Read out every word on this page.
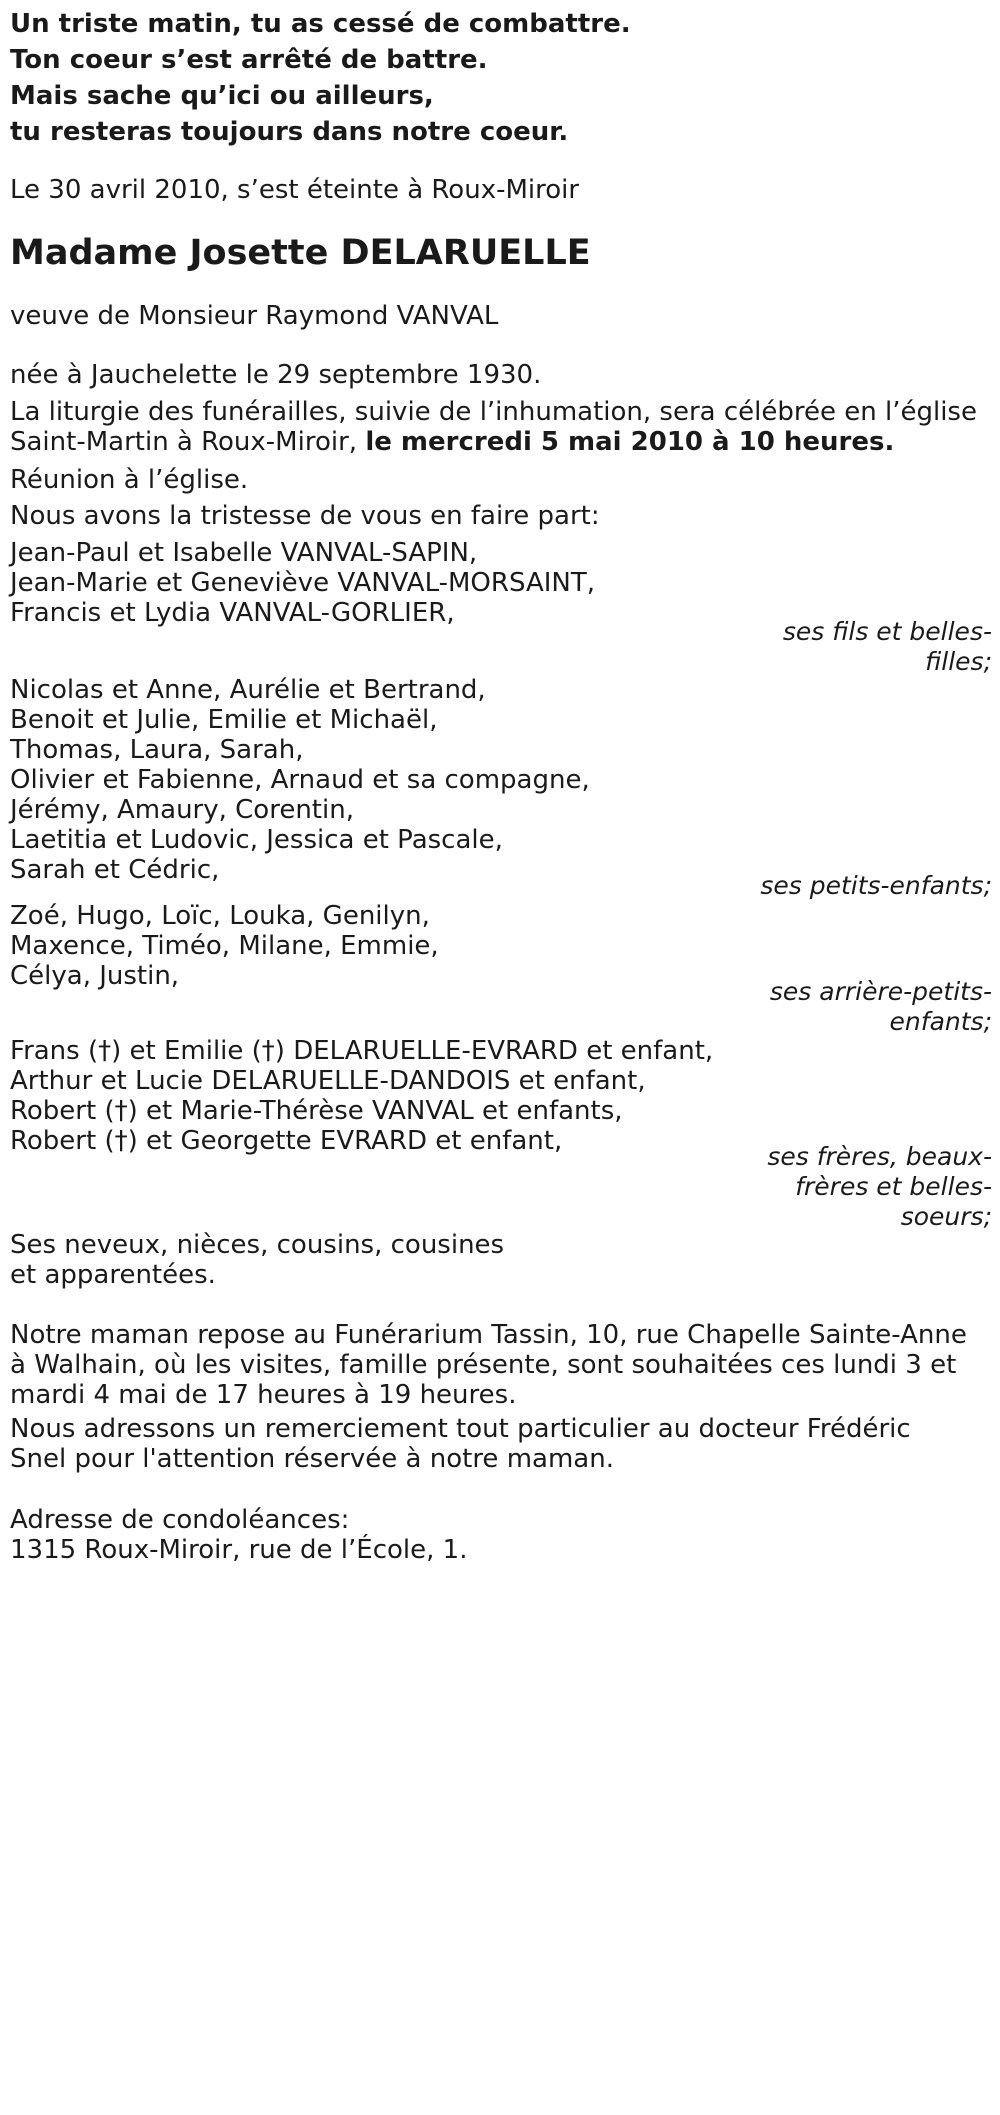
Un triste matin, tu as cessé de combattre.
Ton coeur s’est arrêté de battre.
Mais sache qu’ici ou ailleurs,
tu resteras toujours dans notre coeur.
Le 30 avril 2010, s’est éteinte à Roux-Miroir
Madame Josette DELARUELLE
veuve de Monsieur Raymond VANVAL
née à Jauchelette le 29 septembre 1930.
La liturgie des funérailles, suivie de l’inhumation, sera célébrée en l’église
Saint-Martin à Roux-Miroir, le mercredi 5 mai 2010 à 10 heures.
Réunion à l’église.
Nous avons la tristesse de vous en faire part:
Jean-Paul et Isabelle VANVAL-SAPIN,
Jean-Marie et Geneviève VANVAL-MORSAINT,
Francis et Lydia VANVAL-GORLIER,
ses fils et belles-
filles;
Nicolas et Anne, Aurélie et Bertrand,
Benoit et Julie, Emilie et Michaël,
Thomas, Laura, Sarah,
Olivier et Fabienne, Arnaud et sa compagne,
Jérémy, Amaury, Corentin,
Laetitia et Ludovic, Jessica et Pascale,
Sarah et Cédric,
ses petits-enfants;
Zoé, Hugo, Loïc, Louka, Genilyn,
Maxence, Timéo, Milane, Emmie,
Célya, Justin,
ses arrière-petits-
enfants;
Frans (†) et Emilie (†) DELARUELLE-EVRARD et enfant,
Arthur et Lucie DELARUELLE-DANDOIS et enfant,
Robert (†) et Marie-Thérèse VANVAL et enfants,
Robert (†) et Georgette EVRARD et enfant,
ses frères, beaux-
frères et belles-
soeurs;
Ses neveux, nièces, cousins, cousines
et apparentées.
Notre maman repose au Funérarium Tassin, 10, rue Chapelle Sainte-Anne
à Walhain, où les visites, famille présente, sont souhaitées ces lundi 3 et
mardi 4 mai de 17 heures à 19 heures.
Nous adressons un remerciement tout particulier au docteur Frédéric
Snel pour l'attention réservée à notre maman.
Adresse de condoléances:
1315 Roux-Miroir, rue de l’École, 1.
